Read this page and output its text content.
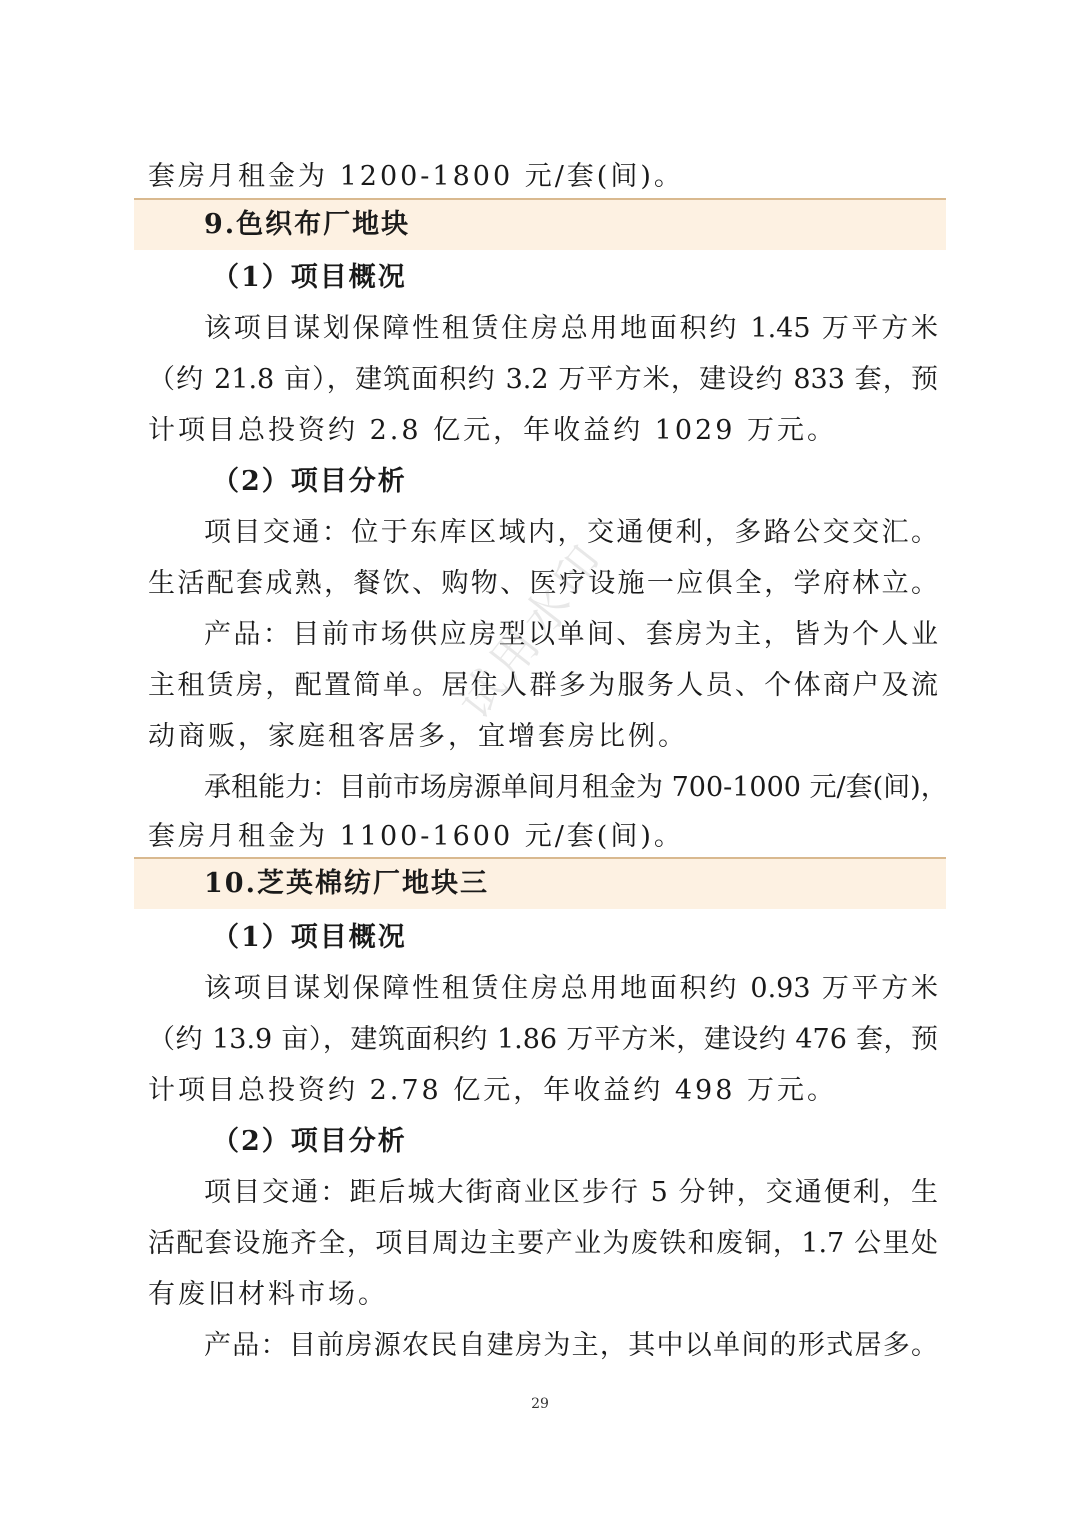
套房月租金为 1200-1800 元/套(间)。
9.色织布厂地块
（1）项目概况
该项目谋划保障性租赁住房总用地面积约 1.45 万平方米
（约 21.8 亩），建筑面积约 3.2 万平方米，建设约 833 套，预
计项目总投资约 2.8 亿元，年收益约 1029 万元。
（2）项目分析
项目交通：位于东库区域内，交通便利，多路公交交汇。
生活配套成熟，餐饮、购物、医疗设施一应俱全，学府林立。
产品：目前市场供应房型以单间、套房为主，皆为个人业
主租赁房，配置简单。居住人群多为服务人员、个体商户及流
动商贩，家庭租客居多，宜增套房比例。
承租能力：目前市场房源单间月租金为 700-1000 元/套(间)，
套房月租金为 1100-1600 元/套(间)。
10.芝英棉纺厂地块三
（1）项目概况
该项目谋划保障性租赁住房总用地面积约 0.93 万平方米
（约 13.9 亩），建筑面积约 1.86 万平方米，建设约 476 套，预
计项目总投资约 2.78 亿元，年收益约 498 万元。
（2）项目分析
项目交通：距后城大街商业区步行 5 分钟，交通便利，生
活配套设施齐全，项目周边主要产业为废铁和废铜，1.7 公里处
有废旧材料市场。
产品：目前房源农民自建房为主，其中以单间的形式居多。
29
试用水印
